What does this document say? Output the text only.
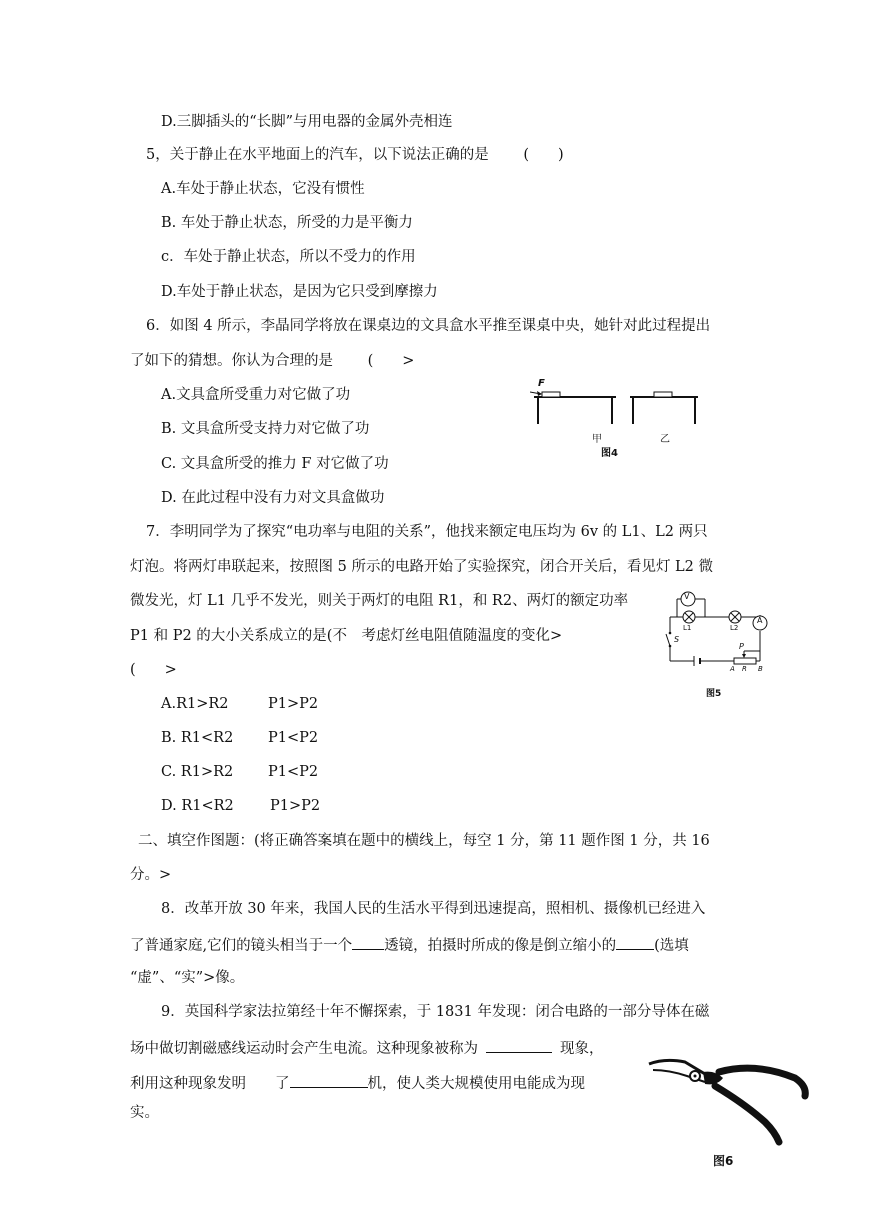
D.三脚插头的“长脚”与用电器的金属外壳相连
5，关于静止在水平地面上的汽车，以下说法正确的是 (　　)
A.车处于静止状态，它没有惯性
B. 车处于静止状态，所受的力是平衡力
c．车处于静止状态，所以不受力的作用
D.车处于静止状态，是因为它只受到摩擦力
6．如图 4 所示，李晶同学将放在课桌边的文具盒水平推至课桌中央，她针对此过程提出
了如下的猜想。你认为合理的是 (　　>
A.文具盒所受重力对它做了功
B. 文具盒所受支持力对它做了功
C. 文具盒所受的推力 F 对它做了功
D. 在此过程中没有力对文具盒做功
F
甲	乙
图4
7．李明同学为了探究“电功率与电阻的关系”，他找来额定电压均为 6v 的 L1、L2 两只
灯泡。将两灯串联起来，按照图 5 所示的电路开始了实验探究，闭合开关后，看见灯 L2 微
微发光，灯 L1 几乎不发光，则关于两灯的电阻 R1，和 R2、两灯的额定功率
P1 和 P2 的大小关系成立的是(不　考虑灯丝电阻值随温度的变化>
(　　>
A.R1>R2	P1>P2
B. R1<R2 P1<P2
C. R1>R2 P1<P2
D. R1<R2 P1>P2
V
A
L1	L2
S
P
A R B
图5
二、填空作图题：(将正确答案填在题中的横线上，每空 1 分，第 11 题作图 1 分，共 16
分。>
8．改革开放 30 年来，我国人民的生活水平得到迅速提高，照相机、摄像机已经进入
了普通家庭,它们的镜头相当于一个 透镜，拍摄时所成的像是倒立缩小的	(选填
“虚”、“实”>像。
9．英国科学家法拉第经十年不懈探索，于 1831 年发现：闭合电路的一部分导体在磁
场中做切割磁感线运动时会产生电流。这种现象被称为	现象，
利用这种现象发明　　了	机，使人类大规模使用电能成为现
实。
图6
